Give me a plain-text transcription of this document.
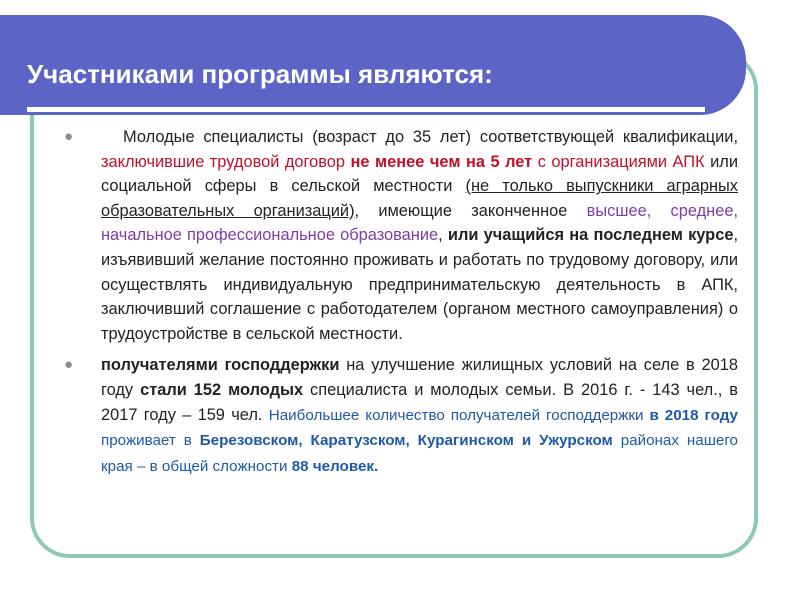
Участниками программы являются:

●	Молодые специалисты (возраст до 35 лет) соответствующей квалификации, заключившие трудовой договор не менее чем на 5 лет с организациями АПК или социальной сферы в сельской местности (не только выпускники аграрных образовательных организаций), имеющие законченное высшее, среднее, начальное профессиональное образование, или учащийся на последнем курсе, изъявивший желание постоянно проживать и работать по трудовому договору, или осуществлять индивидуальную предпринимательскую деятельность в АПК, заключивший соглашение с работодателем (органом местного самоуправления) о трудоустройстве в сельской местности.

● получателями господдержки на улучшение жилищных условий на селе в 2018 году стали 152 молодых специалиста и молодых семьи. В 2016 г. - 143 чел., в 2017 году – 159 чел. Наибольшее количество получателей господдержки в 2018 году проживает в Березовском, Каратузском, Курагинском и Ужурском районах нашего края – в общей сложности 88 человек.
